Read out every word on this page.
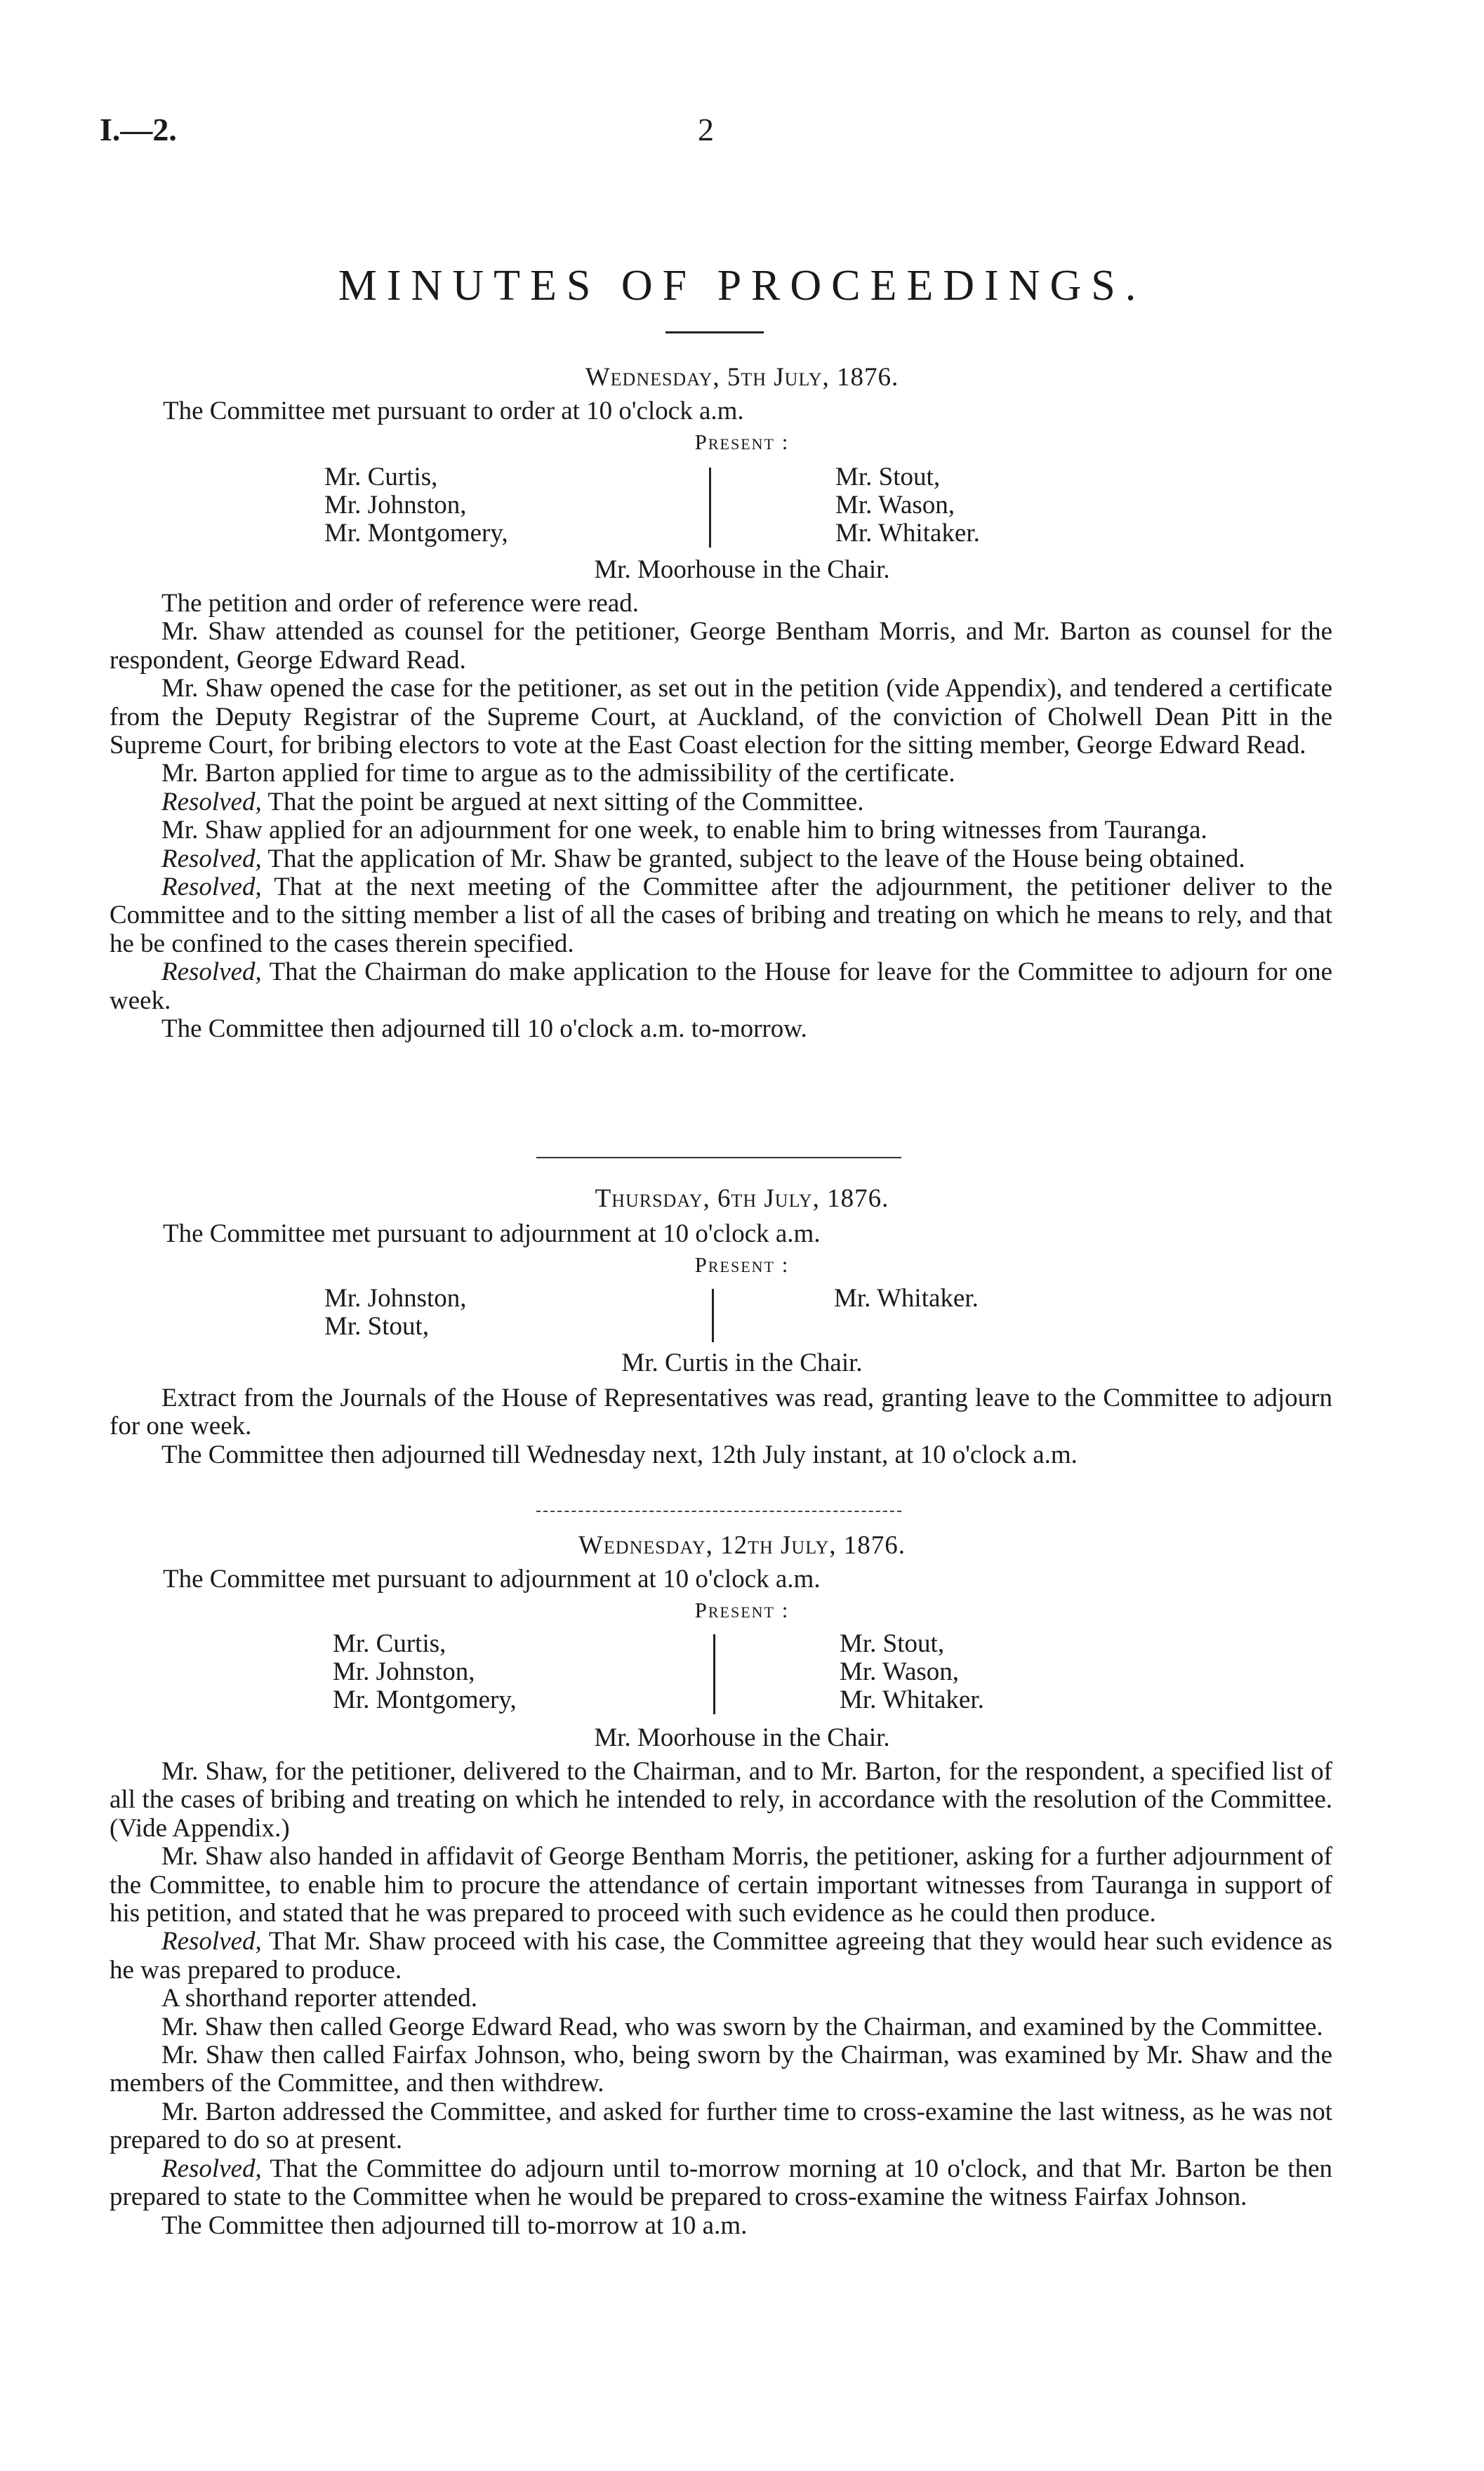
I.—2.	2
MINUTES OF PROCEEDINGS.
Wednesday, 5th July, 1876.
The Committee met pursuant to order at 10 o'clock a.m.
Present :
Mr. Curtis,
Mr. Johnston,
Mr. Montgomery,
Mr. Stout,
Mr. Wason,
Mr. Whitaker.
Mr. Moorhouse in the Chair.

The petition and order of reference were read.

Mr. Shaw attended as counsel for the petitioner, George Bentham Morris, and Mr. Barton as counsel for the respondent, George Edward Read.

Mr. Shaw opened the case for the petitioner, as set out in the petition (vide Appendix), and tendered a certificate from the Deputy Registrar of the Supreme Court, at Auckland, of the conviction of Cholwell Dean Pitt in the Supreme Court, for bribing electors to vote at the East Coast election for the sitting member, George Edward Read.

Mr. Barton applied for time to argue as to the admissibility of the certificate.

Resolved, That the point be argued at next sitting of the Committee.

Mr. Shaw applied for an adjournment for one week, to enable him to bring witnesses from Tauranga.

Resolved, That the application of Mr. Shaw be granted, subject to the leave of the House being obtained.

Resolved, That at the next meeting of the Committee after the adjournment, the petitioner deliver to the Committee and to the sitting member a list of all the cases of bribing and treating on which he means to rely, and that he be confined to the cases therein specified.

Resolved, That the Chairman do make application to the House for leave for the Committee to adjourn for one week.

The Committee then adjourned till 10 o'clock a.m. to-morrow.

Thursday, 6th July, 1876.
The Committee met pursuant to adjournment at 10 o'clock a.m.
Present :
Mr. Johnston,
Mr. Stout,
Mr. Whitaker.
Mr. Curtis in the Chair.

Extract from the Journals of the House of Representatives was read, granting leave to the Committee to adjourn for one week.

The Committee then adjourned till Wednesday next, 12th July instant, at 10 o'clock a.m.

Wednesday, 12th July, 1876.
The Committee met pursuant to adjournment at 10 o'clock a.m.
Present :
Mr. Curtis,
Mr. Johnston,
Mr. Montgomery,
Mr. Stout,
Mr. Wason,
Mr. Whitaker.
Mr. Moorhouse in the Chair.

Mr. Shaw, for the petitioner, delivered to the Chairman, and to Mr. Barton, for the respondent, a specified list of all the cases of bribing and treating on which he intended to rely, in accordance with the resolution of the Committee. (Vide Appendix.)

Mr. Shaw also handed in affidavit of George Bentham Morris, the petitioner, asking for a further adjournment of the Committee, to enable him to procure the attendance of certain important witnesses from Tauranga in support of his petition, and stated that he was prepared to proceed with such evidence as he could then produce.

Resolved, That Mr. Shaw proceed with his case, the Committee agreeing that they would hear such evidence as he was prepared to produce.

A shorthand reporter attended.

Mr. Shaw then called George Edward Read, who was sworn by the Chairman, and examined by the Committee.

Mr. Shaw then called Fairfax Johnson, who, being sworn by the Chairman, was examined by Mr. Shaw and the members of the Committee, and then withdrew.

Mr. Barton addressed the Committee, and asked for further time to cross-examine the last witness, as he was not prepared to do so at present.

Resolved, That the Committee do adjourn until to-morrow morning at 10 o'clock, and that Mr. Barton be then prepared to state to the Committee when he would be prepared to cross-examine the witness Fairfax Johnson.

The Committee then adjourned till to-morrow at 10 a.m.
